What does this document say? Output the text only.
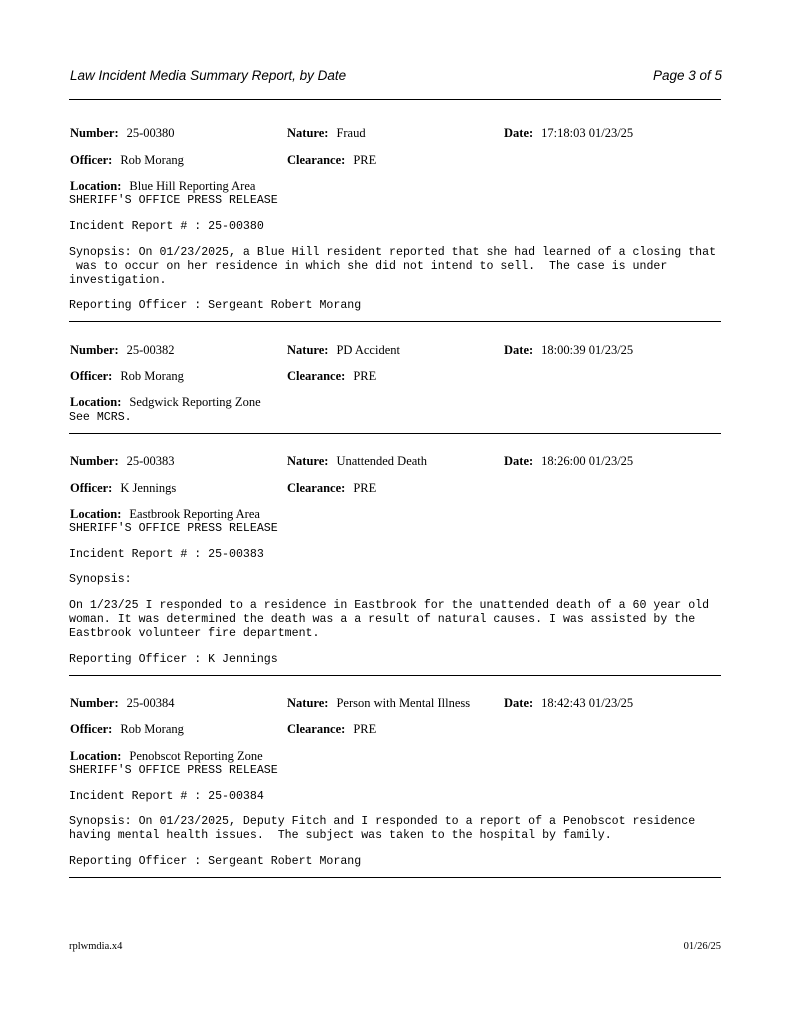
Law Incident Media Summary Report, by Date	Page 3 of 5
Number: 25-00380	Nature: Fraud	Date: 17:18:03 01/23/25
Officer: Rob Morang	Clearance: PRE
Location: Blue Hill Reporting Area
SHERIFF'S OFFICE PRESS RELEASE
Incident Report # : 25-00380
Synopsis: On 01/23/2025, a Blue Hill resident reported that she had learned of a closing that
was to occur on her residence in which she did not intend to sell.  The case is under
investigation.
Reporting Officer : Sergeant Robert Morang
Number: 25-00382	Nature: PD Accident	Date: 18:00:39 01/23/25
Officer: Rob Morang	Clearance: PRE
Location: Sedgwick Reporting Zone
See MCRS.
Number: 25-00383	Nature: Unattended Death	Date: 18:26:00 01/23/25
Officer: K Jennings	Clearance: PRE
Location: Eastbrook Reporting Area
SHERIFF'S OFFICE PRESS RELEASE
Incident Report # : 25-00383
Synopsis:
On 1/23/25 I responded to a residence in Eastbrook for the unattended death of a 60 year old
woman. It was determined the death was a a result of natural causes. I was assisted by the
Eastbrook volunteer fire department.
Reporting Officer : K Jennings
Number: 25-00384	Nature: Person with Mental Illness	Date: 18:42:43 01/23/25
Officer: Rob Morang	Clearance: PRE
Location: Penobscot Reporting Zone
SHERIFF'S OFFICE PRESS RELEASE
Incident Report # : 25-00384
Synopsis: On 01/23/2025, Deputy Fitch and I responded to a report of a Penobscot residence
having mental health issues.  The subject was taken to the hospital by family.
Reporting Officer : Sergeant Robert Morang
rplwmdia.x4	01/26/25
